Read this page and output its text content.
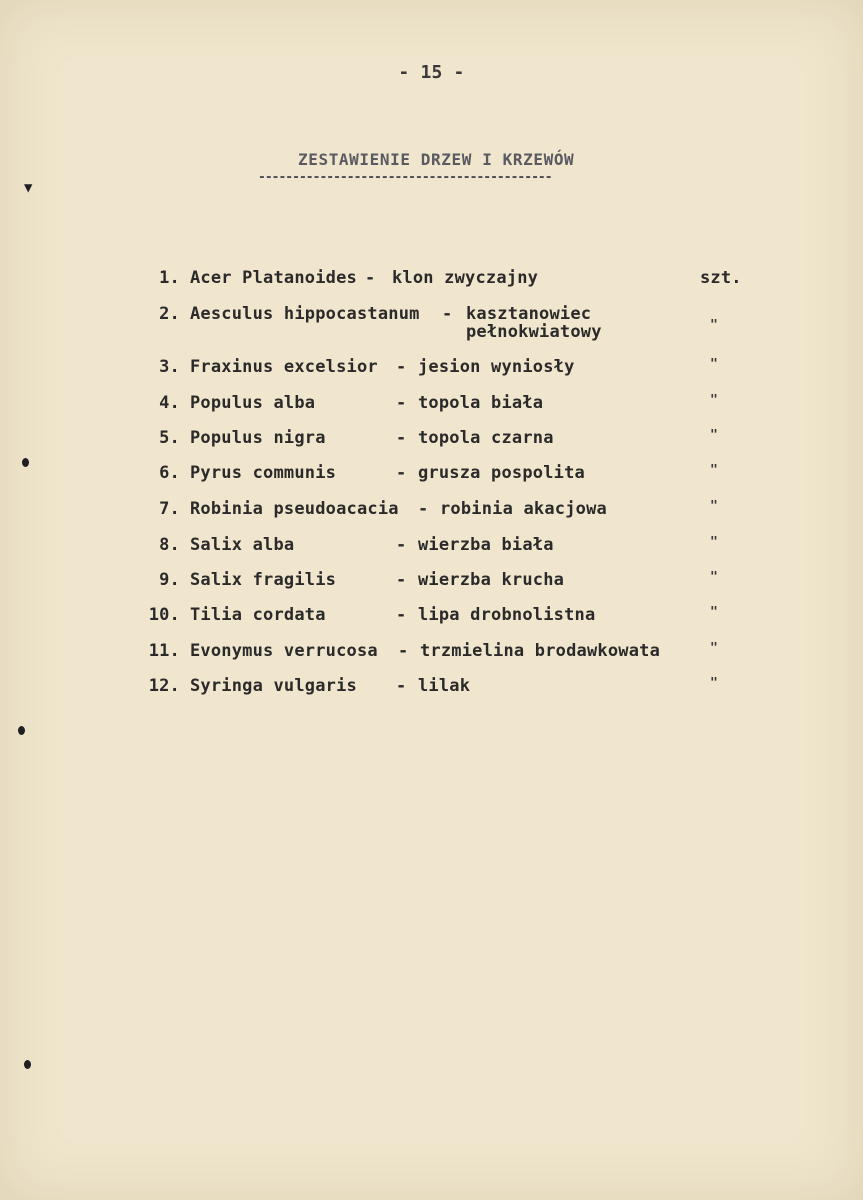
▼
- 15 -
ZESTAWIENIE DRZEW I KRZEWÓW
-------------------------------------------
1. Acer Platanoides - klon zwyczajny	szt.
2. Aesculus hippocastanum - kasztanowiec
pełnokwiatowy	"
3. Fraxinus excelsior - jesion wyniosły	"
4. Populus alba	- topola biała	"
5. Populus nigra	- topola czarna	"
6. Pyrus communis	- grusza pospolita	"
7. Robinia pseudoacacia - robinia akacjowa	"
8. Salix alba	- wierzba biała	"
9. Salix fragilis	- wierzba krucha	"
10. Tilia cordata	- lipa drobnolistna	"
11. Evonymus verrucosa - trzmielina brodawkowata	"
12. Syringa vulgaris - lilak	"
